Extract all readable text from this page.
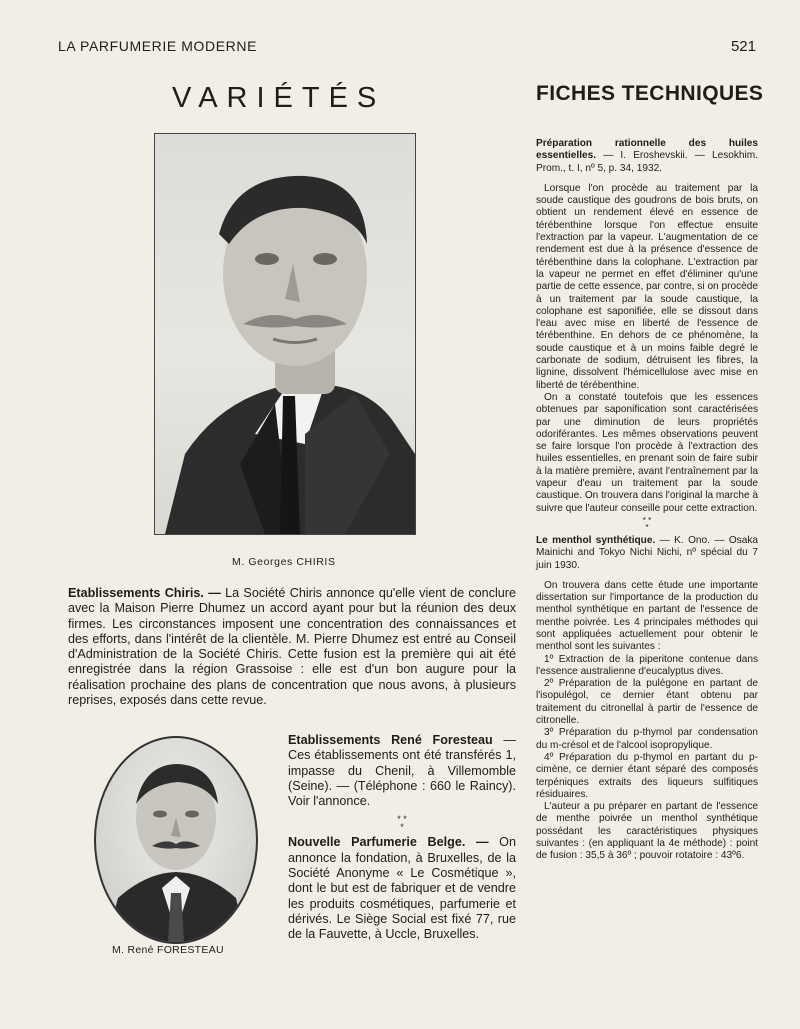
LA PARFUMERIE MODERNE	521
VARIÉTÉS	FICHES TECHNIQUES
M. Georges CHIRIS
Etablissements Chiris. — La Société Chiris annonce qu'elle vient de conclure avec la Maison Pierre Dhumez un accord ayant pour but la réunion des deux firmes. Les circonstances imposent une concentration des connaissances et des efforts, dans l'intérêt de la clientèle. M. Pierre Dhumez est entré au Conseil d'Administration de la Société Chiris. Cette fusion est la première qui ait été enregistrée dans la région Grassoise : elle est d'un bon augure pour la réalisation prochaine des plans de concentration que nous avons, à plusieurs reprises, exposés dans cette revue.
M. René FORESTEAU
Etablissements René Foresteau — Ces établissements ont été transférés 1, impasse du Chenil, à Villemomble (Seine). — (Téléphone : 660 le Raincy). Voir l'annonce.
* *
*
Nouvelle Parfumerie Belge. — On annonce la fondation, à Bruxelles, de la Société Anonyme « Le Cosmétique », dont le but est de fabriquer et de vendre les produits cosmétiques, parfumerie et dérivés. Le Siège Social est fixé 77, rue de la Fauvette, à Uccle, Bruxelles.

Préparation rationnelle des huiles essentielles. — I. Eroshevskii. — Lesokhim. Prom., t. I, nº 5, p. 34, 1932.

Lorsque l'on procède au traitement par la soude caustique des goudrons de bois bruts, on obtient un rendement élevé en essence de térébenthine lorsque l'on effectue ensuite l'extraction par la vapeur. L'augmentation de ce rendement est due à la présence d'essence de térébenthine dans la colophane. L'extraction par la vapeur ne permet en effet d'éliminer qu'une partie de cette essence, par contre, si on procède à un traitement par la soude caustique, la colophane est saponifiée, elle se dissout dans l'eau avec mise en liberté de l'essence de térébenthine. En dehors de ce phénomène, la soude caustique et à un moins faible degré le carbonate de sodium, détruisent les fibres, la lignine, dissolvent l'hémicellulose avec mise en liberté de térébenthine.

On a constaté toutefois que les essences obtenues par saponification sont caractérisées par une diminution de leurs propriétés odoriférantes. Les mêmes observations peuvent se faire lorsque l'on procède à l'extraction des huiles essentielles, en prenant soin de faire subir à la matière première, avant l'entraînement par la vapeur d'eau un traitement par la soude caustique. On trouvera dans l'original la marche à suivre que l'auteur conseille pour cette extraction.

* *
*

Le menthol synthétique. — K. Ono. — Osaka Mainichi and Tokyo Nichi Nichi, nº spécial du 7 juin 1930.

On trouvera dans cette étude une importante dissertation sur l'importance de la production du menthol synthétique en partant de l'essence de menthe poivrée. Les 4 principales méthodes qui sont appliquées actuellement pour obtenir le menthol sont les suivantes :

1º Extraction de la piperitone contenue dans l'essence australienne d'eucalyptus dives.

2º Préparation de la pulégone en partant de l'isopulégol, ce dernier étant obtenu par traitement du citronellal à partir de l'essence de citronelle.

3º Préparation du p-thymol par condensation du m-crésol et de l'alcool isopropylique.

4º Préparation du p-thymol en partant du p-cimène, ce dernier étant séparé des composés terpéniques extraits des liqueurs sulfitiques résiduaires.

L'auteur a pu préparer en partant de l'essence de menthe poivrée un menthol synthétique possédant les caractéristiques physiques suivantes : (en appliquant la 4e méthode) : point de fusion : 35,5 à 36º ; pouvoir rotatoire : 43º6.
